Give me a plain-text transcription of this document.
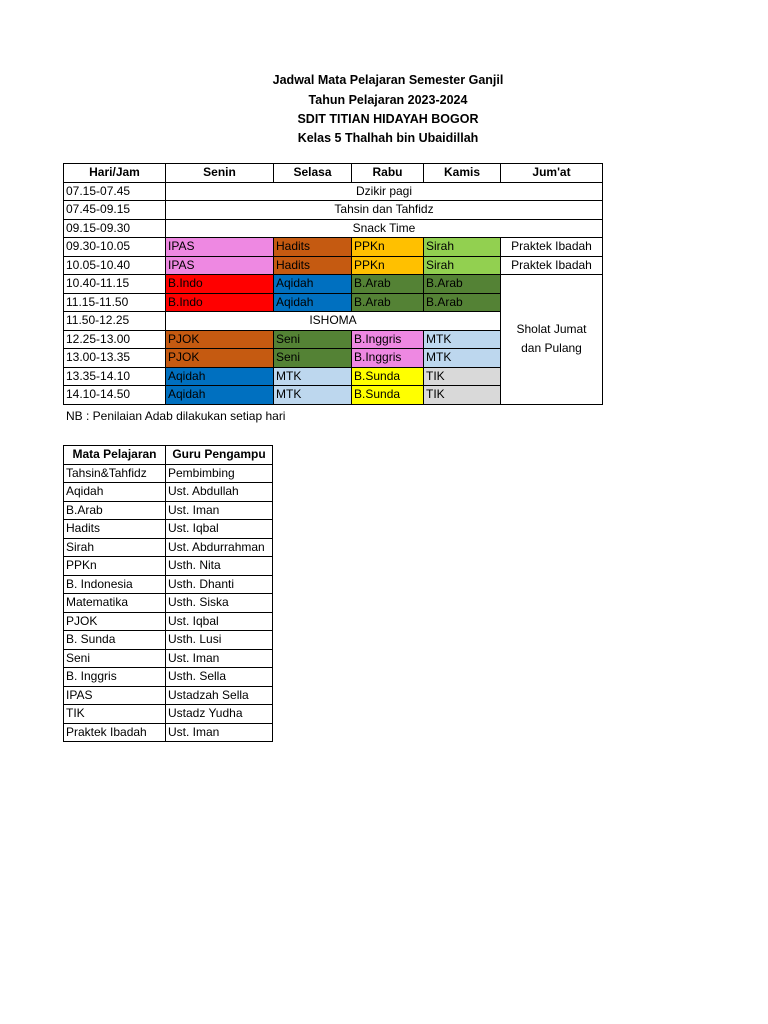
Jadwal Mata Pelajaran Semester Ganjil
Tahun Pelajaran 2023-2024
SDIT TITIAN HIDAYAH BOGOR
Kelas 5 Thalhah bin Ubaidillah
Hari/Jam	Senin	Selasa	Rabu	Kamis	Jum'at
07.15-07.45	Dzikir pagi				
07.45-09.15	Tahsin dan Tahfidz				
09.15-09.30	Snack Time				
09.30-10.05	IPAS	Hadits	PPKn	Sirah	Praktek Ibadah
10.05-10.40	IPAS	Hadits	PPKn	Sirah	Praktek Ibadah
10.40-11.15	B.Indo	Aqidah	B.Arab	B.Arab	Sholat Jumat
dan Pulang

11.15-11.50	B.Indo	Aqidah	B.Arab	B.Arab	
11.50-12.25	ISHOMA				
12.25-13.00	PJOK	Seni	B.Inggris	MTK	
13.00-13.35	PJOK	Seni	B.Inggris	MTK	
13.35-14.10	Aqidah	MTK	B.Sunda	TIK	
14.10-14.50	Aqidah	MTK	B.Sunda	TIK	
NB : Penilaian Adab dilakukan setiap hari
Mata Pelajaran	Guru Pengampu
Tahsin&Tahfidz	Pembimbing
Aqidah	Ust. Abdullah
B.Arab	Ust. Iman
Hadits	Ust. Iqbal
Sirah	Ust. Abdurrahman
PPKn	Usth. Nita
B. Indonesia	Usth. Dhanti
Matematika	Usth. Siska
PJOK	Ust. Iqbal
B. Sunda	Usth. Lusi
Seni	Ust. Iman
B. Inggris	Usth. Sella
IPAS	Ustadzah Sella
TIK	Ustadz Yudha
Praktek Ibadah	Ust. Iman
